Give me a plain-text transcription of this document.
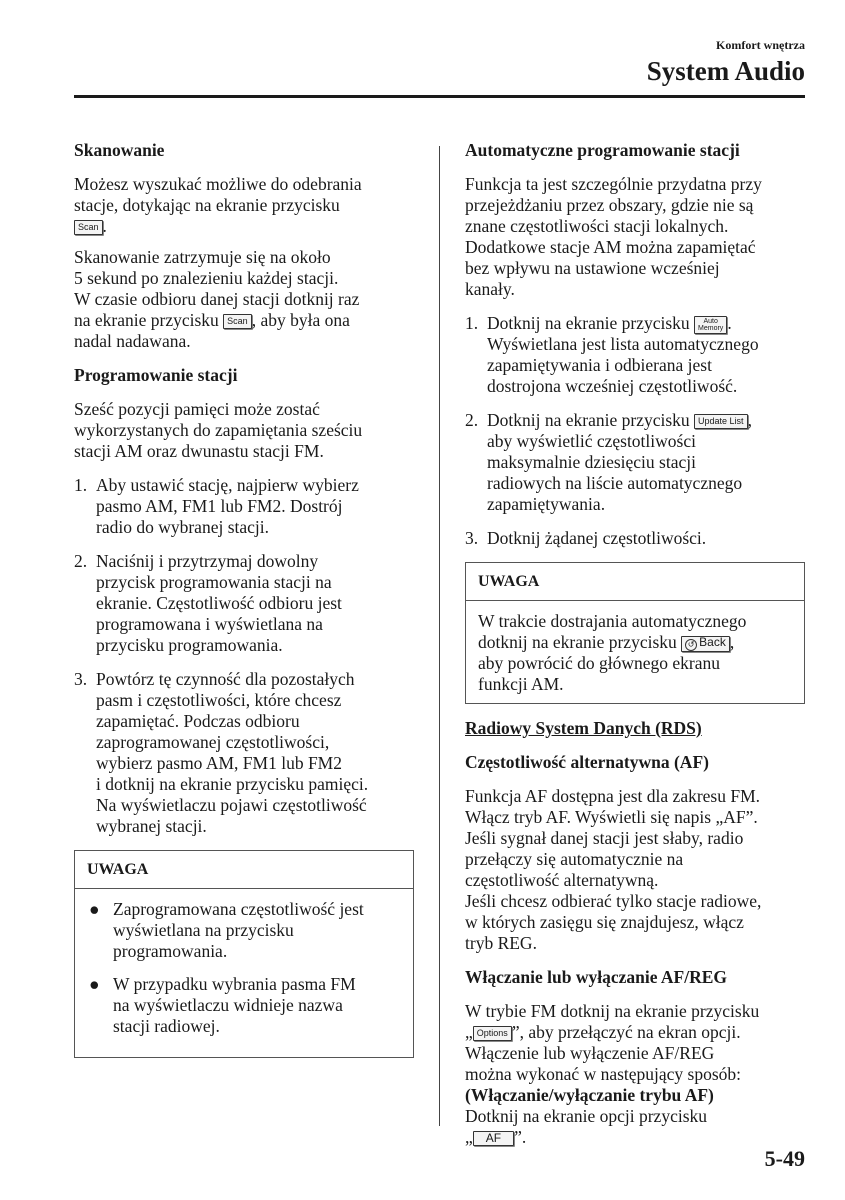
Komfort wnętrza
System Audio
Skanowanie
Możesz wyszukać możliwe do odebrania
stacje, dotykając na ekranie przycisku
Scan .
Skanowanie zatrzymuje się na około
5 sekund po znalezieniu każdej stacji.
W czasie odbioru danej stacji dotknij raz
na ekranie przycisku Scan , aby była ona
nadal nadawana.
Programowanie stacji
Sześć pozycji pamięci może zostać
wykorzystanych do zapamiętania sześciu
stacji AM oraz dwunastu stacji FM.
1. Aby ustawić stację, najpierw wybierz
pasmo AM, FM1 lub FM2. Dostrój
radio do wybranej stacji.
2. Naciśnij i przytrzymaj dowolny
przycisk programowania stacji na
ekranie. Częstotliwość odbioru jest
programowana i wyświetlana na
przycisku programowania.
3. Powtórz tę czynność dla pozostałych
pasm i częstotliwości, które chcesz
zapamiętać. Podczas odbioru
zaprogramowanej częstotliwości,
wybierz pasmo AM, FM1 lub FM2
i dotknij na ekranie przycisku pamięci.
Na wyświetlaczu pojawi częstotliwość
wybranej stacji.
UWAGA
● Zaprogramowana częstotliwość jest
wyświetlana na przycisku
programowania.
● W przypadku wybrania pasma FM
na wyświetlaczu widnieje nazwa
stacji radiowej.
Automatyczne programowanie stacji
Funkcja ta jest szczególnie przydatna przy
przejeżdżaniu przez obszary, gdzie nie są
znane częstotliwości stacji lokalnych.
Dodatkowe stacje AM można zapamiętać
bez wpływu na ustawione wcześniej
kanały.
1. Dotknij na ekranie przycisku	Auto
Memory .
Wyświetlana jest lista automatycznego
zapamiętywania i odbierana jest
dostrojona wcześniej częstotliwość.
2. Dotknij na ekranie przycisku Update List ,
aby wyświetlić częstotliwości
maksymalnie dziesięciu stacji
radiowych na liście automatycznego
zapamiętywania.
3. Dotknij żądanej częstotliwości.
UWAGA
W trakcie dostrajania automatycznego
dotknij na ekranie przycisku ↺ Back ,
aby powrócić do głównego ekranu
funkcji AM.
Radiowy System Danych (RDS)
Częstotliwość alternatywna (AF)
Funkcja AF dostępna jest dla zakresu FM.
Włącz tryb AF. Wyświetli się napis „AF”.
Jeśli sygnał danej stacji jest słaby, radio
przełączy się automatycznie na
częstotliwość alternatywną.
Jeśli chcesz odbierać tylko stacje radiowe,
w których zasięgu się znajdujesz, włącz
tryb REG.
Włączanie lub wyłączanie AF/REG
W trybie FM dotknij na ekranie przycisku
„ Options ”, aby przełączyć na ekran opcji.
Włączenie lub wyłączenie AF/REG
można wykonać w następujący sposób:
(Włączanie/wyłączanie trybu AF)
Dotknij na ekranie opcji przycisku
„ AF ”.
5-49
